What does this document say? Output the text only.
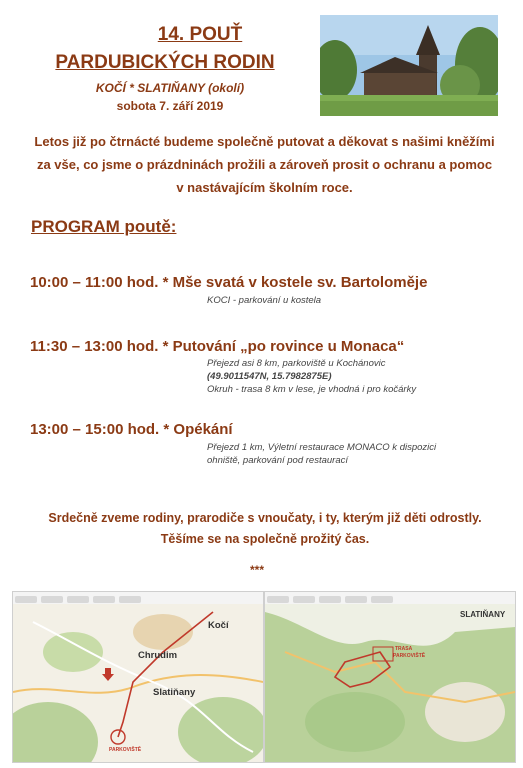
14. POUŤ
PARDUBICKÝCH RODIN
KOČÍ * SLATIŇANY (okolí)
sobota 7. září 2019
Letos již po čtrnácté budeme společně putovat a děkovat s našimi kněžími za vše, co jsme o prázdninách prožili a zároveň prosit o ochranu a pomoc v nastávajícím školním roce.
PROGRAM poutě:
10:00 – 11:00 hod. * Mše svatá v kostele sv. Bartoloměje
KOCI - parkování u kostela
11:30 – 13:00 hod. * Putování „po rovince u Monaca“
Přejezd asi 8 km, parkoviště u Kochánovic
(49.9011547N, 15.7982875E)
Okruh - trasa 8 km v lese, je vhodná i pro kočárky
13:00 – 15:00 hod. * Opékání
Přejezd 1 km, Výletní restaurace MONACO k dispozici
ohniště, parkování pod restaurací
Srdečně zveme rodiny, prarodiče s vnoučaty, i ty, kterým již děti odrostly. Těšíme se na společně prožitý čas.
***
Kočí
Chrudim
Slatiňany
PARKOVIŠTĚ
SLATIŇANY
TRASA
PARKOVIŠTĚ
